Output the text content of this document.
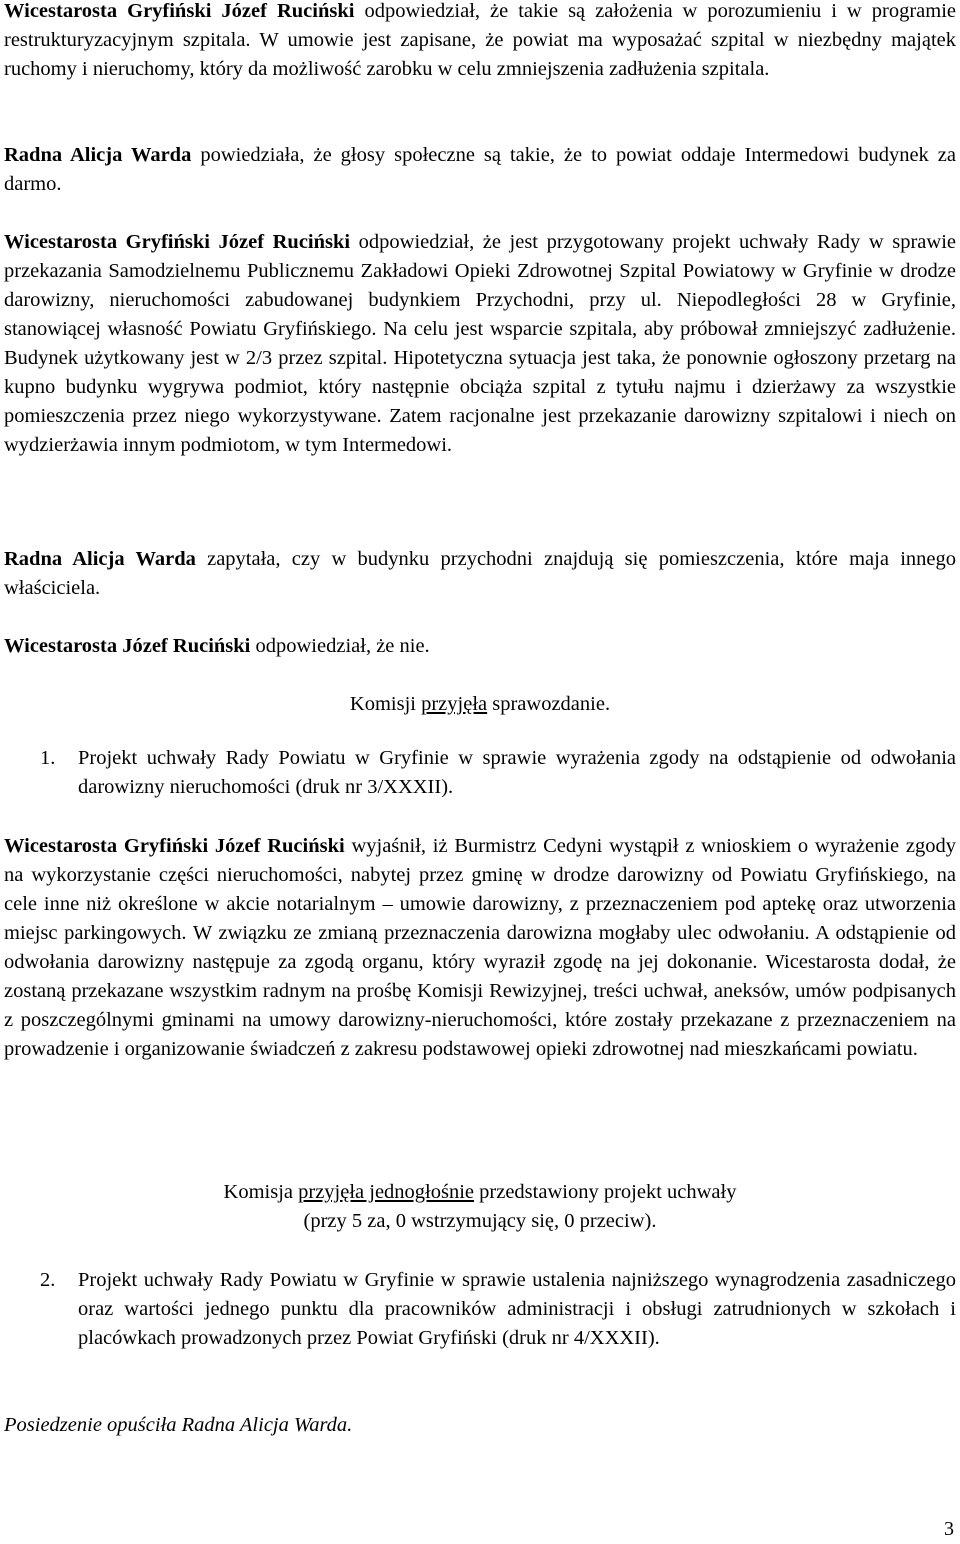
Wicestarosta Gryfiński Józef Ruciński odpowiedział, że takie są założenia w porozumieniu i w programie restrukturyzacyjnym szpitala. W umowie jest zapisane, że powiat ma wyposażać szpital w niezbędny majątek ruchomy i nieruchomy, który da możliwość zarobku w celu zmniejszenia zadłużenia szpitala.

Radna Alicja Warda powiedziała, że głosy społeczne są takie, że to powiat oddaje Intermedowi budynek za darmo.

Wicestarosta Gryfiński Józef Ruciński odpowiedział, że jest przygotowany projekt uchwały Rady w sprawie przekazania Samodzielnemu Publicznemu Zakładowi Opieki Zdrowotnej Szpital Powiatowy w Gryfinie w drodze darowizny, nieruchomości zabudowanej budynkiem Przychodni, przy ul. Niepodległości 28 w Gryfinie, stanowiącej własność Powiatu Gryfińskiego. Na celu jest wsparcie szpitala, aby próbował zmniejszyć zadłużenie. Budynek użytkowany jest w 2/3 przez szpital. Hipotetyczna sytuacja jest taka, że ponownie ogłoszony przetarg na kupno budynku wygrywa podmiot, który następnie obciąża szpital z tytułu najmu i dzierżawy za wszystkie pomieszczenia przez niego wykorzystywane. Zatem racjonalne jest przekazanie darowizny szpitalowi i niech on wydzierżawia innym podmiotom, w tym Intermedowi.

Radna Alicja Warda zapytała, czy w budynku przychodni znajdują się pomieszczenia, które maja innego właściciela.

Wicestarosta Józef Ruciński odpowiedział, że nie.

Komisji przyjęła sprawozdanie.

1.	Projekt uchwały Rady Powiatu w Gryfinie w sprawie wyrażenia zgody na odstąpienie od odwołania darowizny nieruchomości (druk nr 3/XXXII).

Wicestarosta Gryfiński Józef Ruciński wyjaśnił, iż Burmistrz Cedyni wystąpił z wnioskiem o wyrażenie zgody na wykorzystanie części nieruchomości, nabytej przez gminę w drodze darowizny od Powiatu Gryfińskiego, na cele inne niż określone w akcie notarialnym – umowie darowizny, z przeznaczeniem pod aptekę oraz utworzenia miejsc parkingowych. W związku ze zmianą przeznaczenia darowizna mogłaby ulec odwołaniu. A odstąpienie od odwołania darowizny następuje za zgodą organu, który wyraził zgodę na jej dokonanie. Wicestarosta dodał, że zostaną przekazane wszystkim radnym na prośbę Komisji Rewizyjnej, treści uchwał, aneksów, umów podpisanych z poszczególnymi gminami na umowy darowizny-nieruchomości, które zostały przekazane z przeznaczeniem na prowadzenie i organizowanie świadczeń z zakresu podstawowej opieki zdrowotnej nad mieszkańcami powiatu.

Komisja przyjęła jednogłośnie przedstawiony projekt uchwały
(przy 5 za, 0 wstrzymujący się, 0 przeciw).
2.	Projekt uchwały Rady Powiatu w Gryfinie w sprawie ustalenia najniższego wynagrodzenia zasadniczego oraz wartości jednego punktu dla pracowników administracji i obsługi zatrudnionych w szkołach i placówkach prowadzonych przez Powiat Gryfiński (druk nr 4/XXXII).

Posiedzenie opuściła Radna Alicja Warda.

3
